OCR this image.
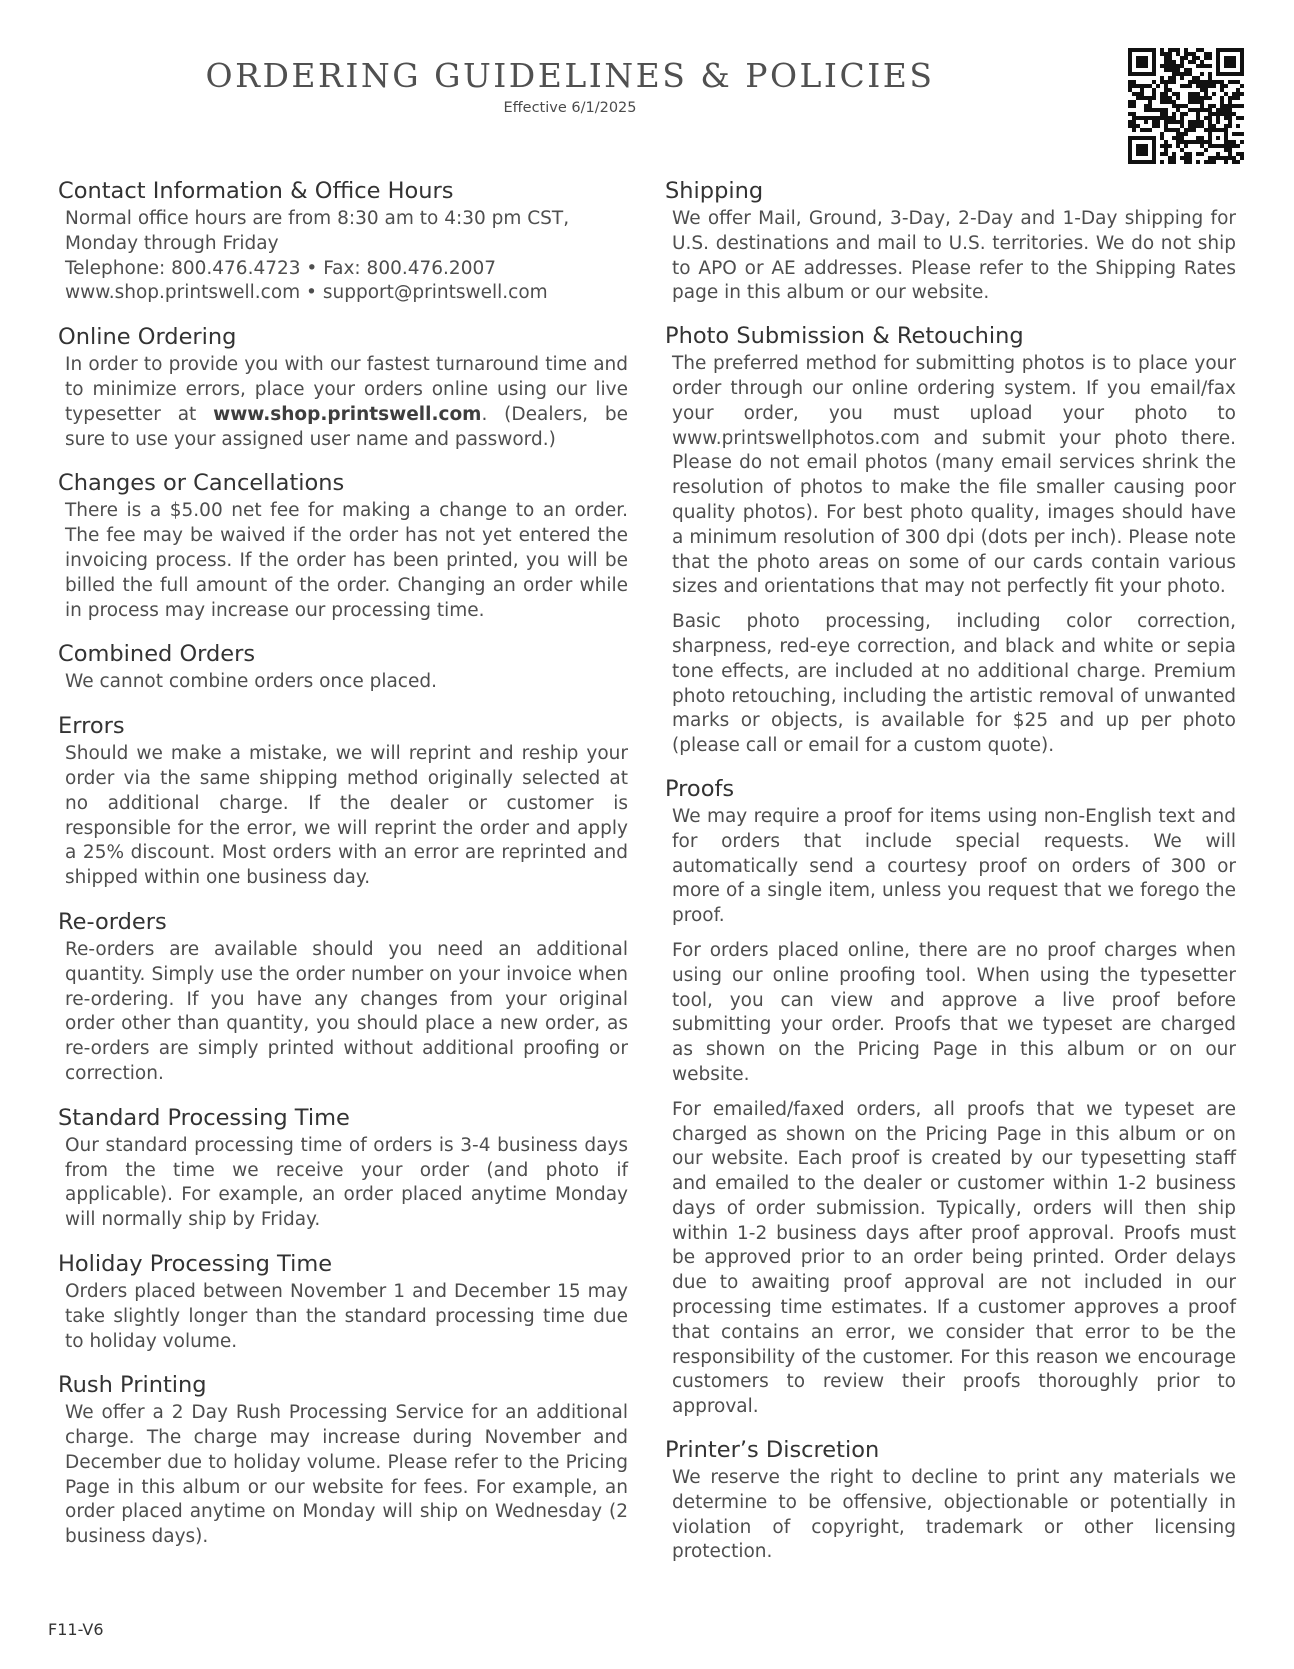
ORDERING GUIDELINES & POLICIES
Effective 6/1/2025
Contact Information & Office Hours
Normal office hours are from 8:30 am to 4:30 pm CST,
Monday through Friday
Telephone: 800.476.4723 • Fax: 800.476.2007
www.shop.printswell.com • support@printswell.com
Online Ordering

In order to provide you with our fastest turnaround time and to minimize errors, place your orders online using our live typesetter at www.shop.printswell.com. (Dealers, be sure to use your assigned user name and password.)

Changes or Cancellations

There is a $5.00 net fee for making a change to an order. The fee may be waived if the order has not yet entered the invoicing process. If the order has been printed, you will be billed the full amount of the order. Changing an order while in process may increase our processing time.

Combined Orders

We cannot combine orders once placed.

Errors

Should we make a mistake, we will reprint and reship your order via the same shipping method originally selected at no additional charge. If the dealer or customer is responsible for the error, we will reprint the order and apply a 25% discount. Most orders with an error are reprinted and shipped within one business day.

Re-orders

Re-orders are available should you need an additional quantity. Simply use the order number on your invoice when re-ordering. If you have any changes from your original order other than quantity, you should place a new order, as re-orders are simply printed without additional proofing or correction.

Standard Processing Time

Our standard processing time of orders is 3-4 business days from the time we receive your order (and photo if applicable). For example, an order placed anytime Monday will normally ship by Friday.

Holiday Processing Time

Orders placed between November 1 and December 15 may take slightly longer than the standard processing time due to holiday volume.

Rush Printing

We offer a 2 Day Rush Processing Service for an additional charge. The charge may increase during November and December due to holiday volume. Please refer to the Pricing Page in this album or our website for fees. For example, an order placed anytime on Monday will ship on Wednesday (2 business days).

Shipping

We offer Mail, Ground, 3-Day, 2-Day and 1-Day shipping for U.S. destinations and mail to U.S. territories. We do not ship to APO or AE addresses. Please refer to the Shipping Rates page in this album or our website.

Photo Submission & Retouching

The preferred method for submitting photos is to place your order through our online ordering system. If you email/fax your order, you must upload your photo to www.printswellphotos.com and submit your photo there. Please do not email photos (many email services shrink the resolution of photos to make the file smaller causing poor quality photos). For best photo quality, images should have a minimum resolution of 300 dpi (dots per inch). Please note that the photo areas on some of our cards contain various sizes and orientations that may not perfectly fit your photo.

Basic photo processing, including color correction, sharpness, red-eye correction, and black and white or sepia tone effects, are included at no additional charge. Premium photo retouching, including the artistic removal of unwanted marks or objects, is available for $25 and up per photo (please call or email for a custom quote).

Proofs

We may require a proof for items using non-English text and for orders that include special requests. We will automatically send a courtesy proof on orders of 300 or more of a single item, unless you request that we forego the proof.

For orders placed online, there are no proof charges when using our online proofing tool. When using the typesetter tool, you can view and approve a live proof before submitting your order. Proofs that we typeset are charged as shown on the Pricing Page in this album or on our website.

For emailed/faxed orders, all proofs that we typeset are charged as shown on the Pricing Page in this album or on our website. Each proof is created by our typesetting staff and emailed to the dealer or customer within 1-2 business days of order submission. Typically, orders will then ship within 1-2 business days after proof approval. Proofs must be approved prior to an order being printed. Order delays due to awaiting proof approval are not included in our processing time estimates. If a customer approves a proof that contains an error, we consider that error to be the responsibility of the customer. For this reason we encourage customers to review their proofs thoroughly prior to approval.

Printer’s Discretion

We reserve the right to decline to print any materials we determine to be offensive, objectionable or potentially in violation of copyright, trademark or other licensing protection.

F11-V6
